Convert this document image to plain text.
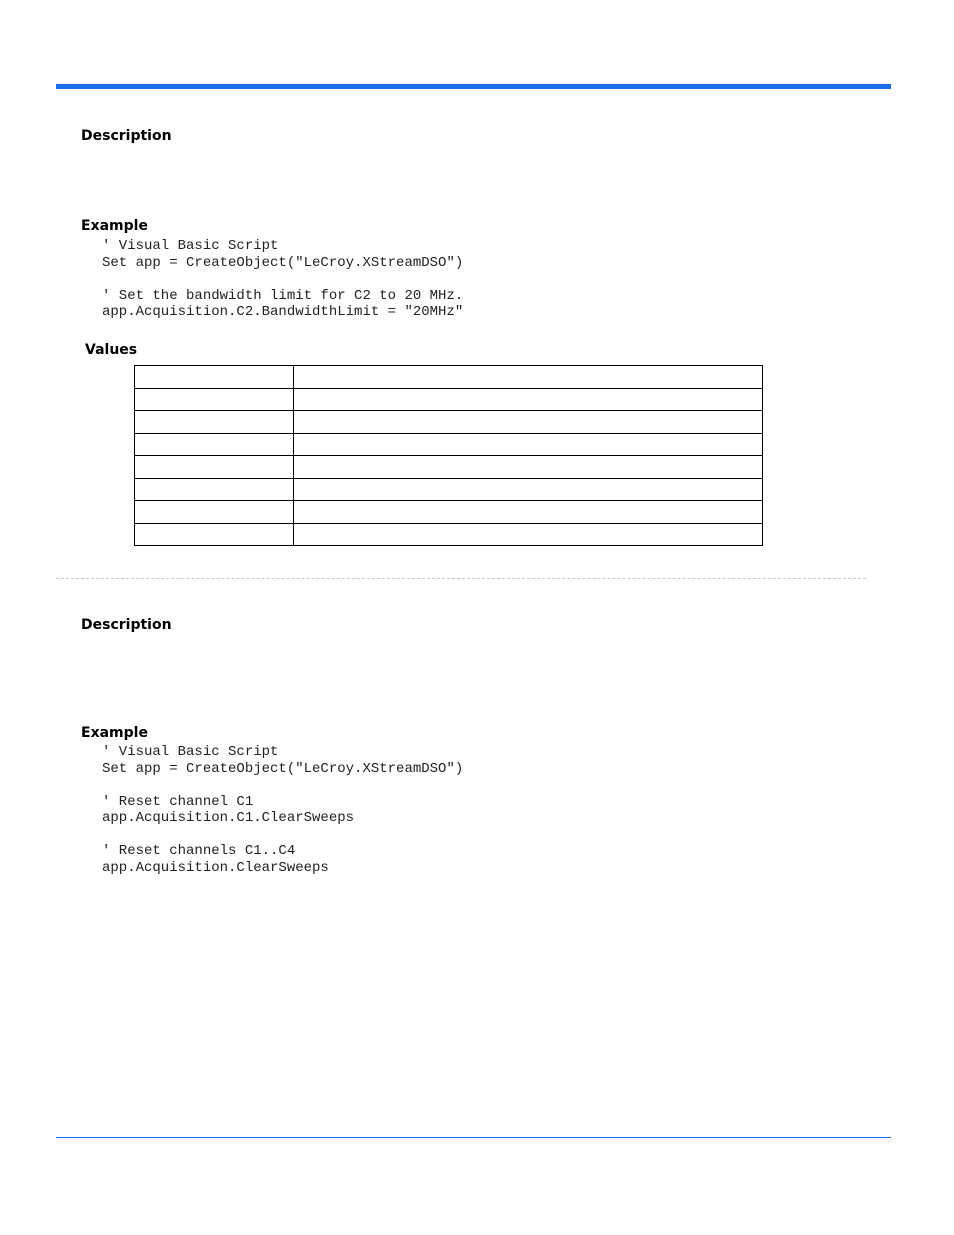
Description
Example
' Visual Basic Script
Set app = CreateObject("LeCroy.XStreamDSO")
' Set the bandwidth limit for C2 to 20 MHz.
app.Acquisition.C2.BandwidthLimit = "20MHz"
Values

Description
Example
' Visual Basic Script
Set app = CreateObject("LeCroy.XStreamDSO")
' Reset channel C1
app.Acquisition.C1.ClearSweeps
' Reset channels C1..C4
app.Acquisition.ClearSweeps
